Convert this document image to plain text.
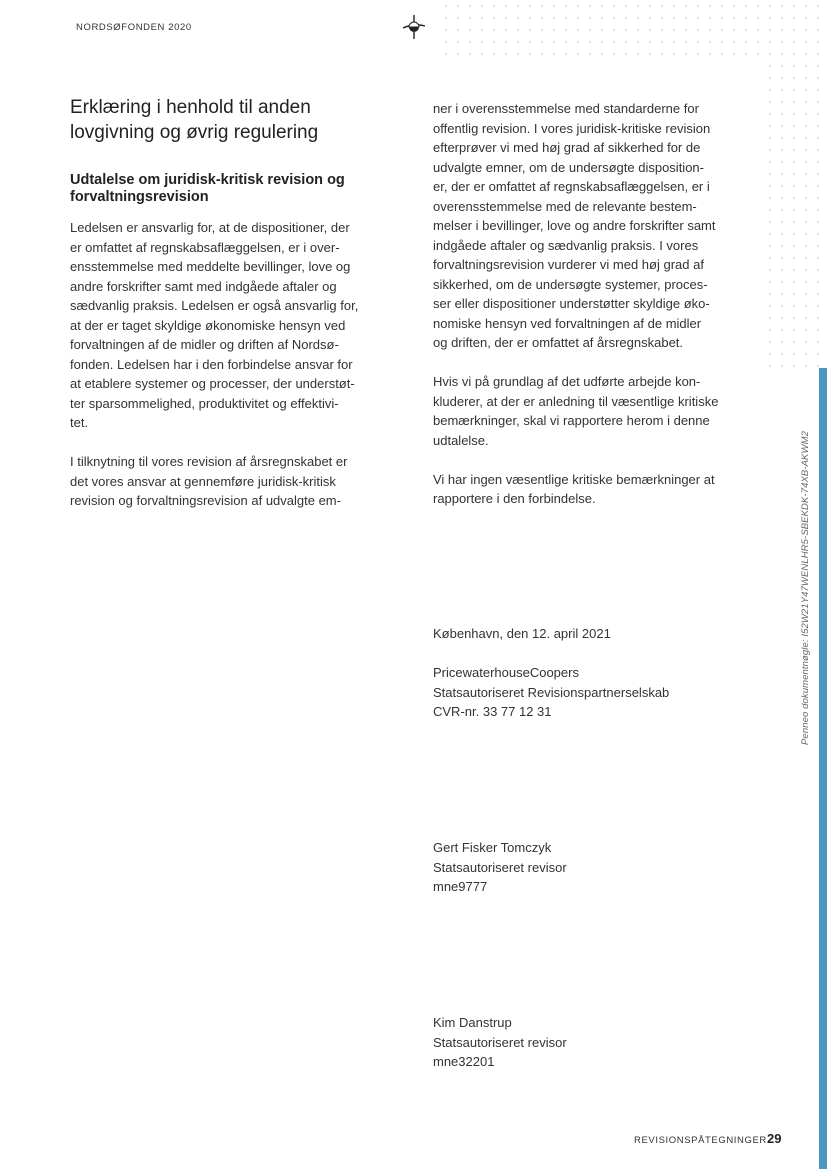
NORDSØFONDEN 2020
Erklæring i henhold til anden lovgivning og øvrig regulering
Udtalelse om juridisk-kritisk revision og forvaltningsrevision

Ledelsen er ansvarlig for, at de dispositioner, der
er omfattet af regnskabsaflæggelsen, er i over-
ensstemmelse med meddelte bevillinger, love og
andre forskrifter samt med indgåede aftaler og
sædvanlig praksis. Ledelsen er også ansvarlig for,
at der er taget skyldige økonomiske hensyn ved
forvaltningen af de midler og driften af Nordsø-
fonden. Ledelsen har i den forbindelse ansvar for
at etablere systemer og processer, der understøt-
ter sparsommelighed, produktivitet og effektivi-
tet.

I tilknytning til vores revision af årsregnskabet er
det vores ansvar at gennemføre juridisk-kritisk
revision og forvaltningsrevision af udvalgte em-

ner i overensstemmelse med standarderne for
offentlig revision. I vores juridisk-kritiske revision
efterprøver vi med høj grad af sikkerhed for de
udvalgte emner, om de undersøgte disposition-
er, der er omfattet af regnskabsaflæggelsen, er i
overensstemmelse med de relevante bestem-
melser i bevillinger, love og andre forskrifter samt
indgåede aftaler og sædvanlig praksis. I vores
forvaltningsrevision vurderer vi med høj grad af
sikkerhed, om de undersøgte systemer, proces-
ser eller dispositioner understøtter skyldige øko-
nomiske hensyn ved forvaltningen af de midler
og driften, der er omfattet af årsregnskabet.

Hvis vi på grundlag af det udførte arbejde kon-
kluderer, at der er anledning til væsentlige kritiske
bemærkninger, skal vi rapportere herom i denne
udtalelse.

Vi har ingen væsentlige kritiske bemærkninger at
rapportere i den forbindelse.

København, den 12. april 2021
PricewaterhouseCoopers
Statsautoriseret Revisionspartnerselskab
CVR-nr. 33 77 12 31
Gert Fisker Tomczyk
Statsautoriseret revisor
mne9777
Kim Danstrup
Statsautoriseret revisor
mne32201
Penneo dokumentnøgle: I52W21Y47WENLHR5-SBEKDK-74XB-AKWM2
REVISIONSPÅTEGNINGER 29
